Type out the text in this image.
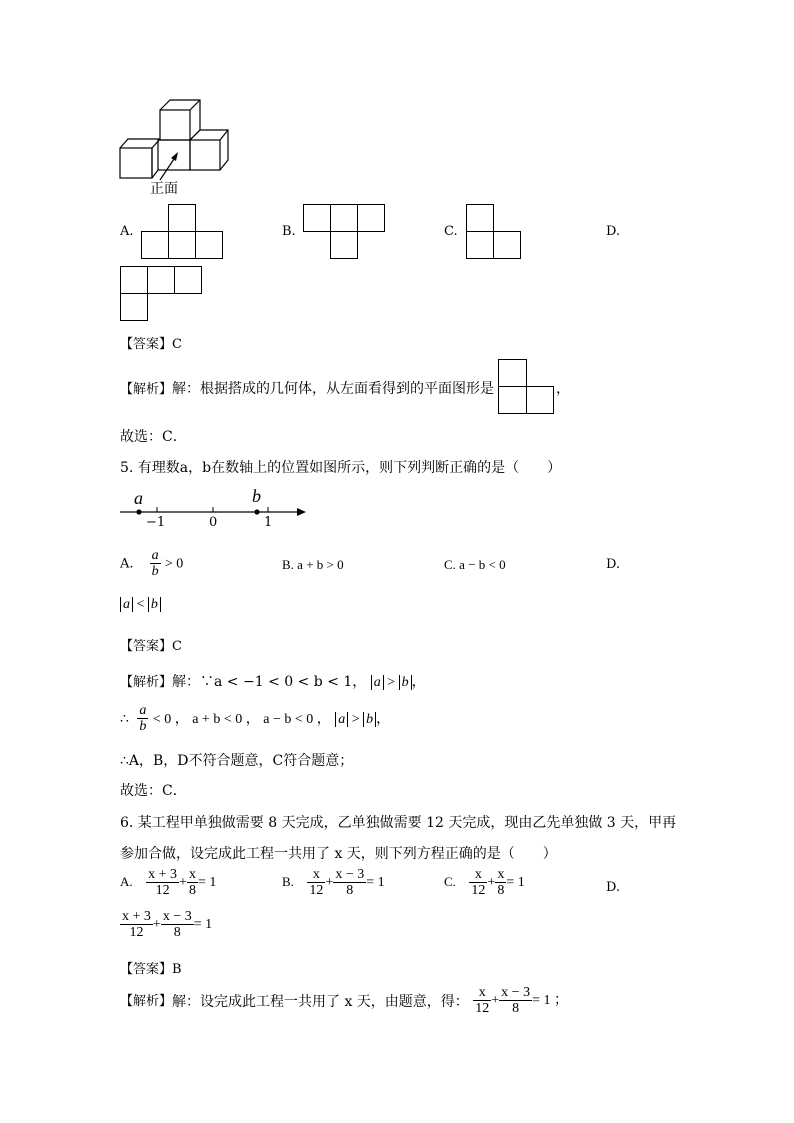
正面
A.	B.	C.	D.
【答案】C
【解析】解：根据搭成的几何体，从左面看得到的平面图形是	，
故选：C．
5. 有理数a，b在数轴上的位置如图所示，则下列判断正确的是（　　）
a	b
−1	0	1
A. $\frac{a}{b} > 0$	B. a + b > 0	C. a − b < 0	D.
a < b
【答案】C
【解析】解：∵a < −1 < 0 < b < 1， a > b ，
∴ $\frac{a}{b} < 0$ ， a + b < 0 ， a − b < 0 ， a > b ，
∴A，B，D不符合题意，C符合题意；
故选：C．
6. 某工程甲单独做需要 8 天完成，乙单独做需要 12 天完成，现由乙先单独做 3 天，甲再
参加合做，设完成此工程一共用了 x 天，则下列方程正确的是（　　）
A. $\frac{x + 3}{12} + \frac{x}{8} = 1$	B. $\frac{x}{12} + \frac{x - 3}{8} = 1$	C. $\frac{x}{12} + \frac{x}{8} = 1$	D.
$\frac{x + 3}{12} + \frac{x - 3}{8} = 1$
【答案】B
【解析】解：设完成此工程一共用了 x 天，由题意，得： $\frac{x}{12} + \frac{x - 3}{8} = 1$ ；
